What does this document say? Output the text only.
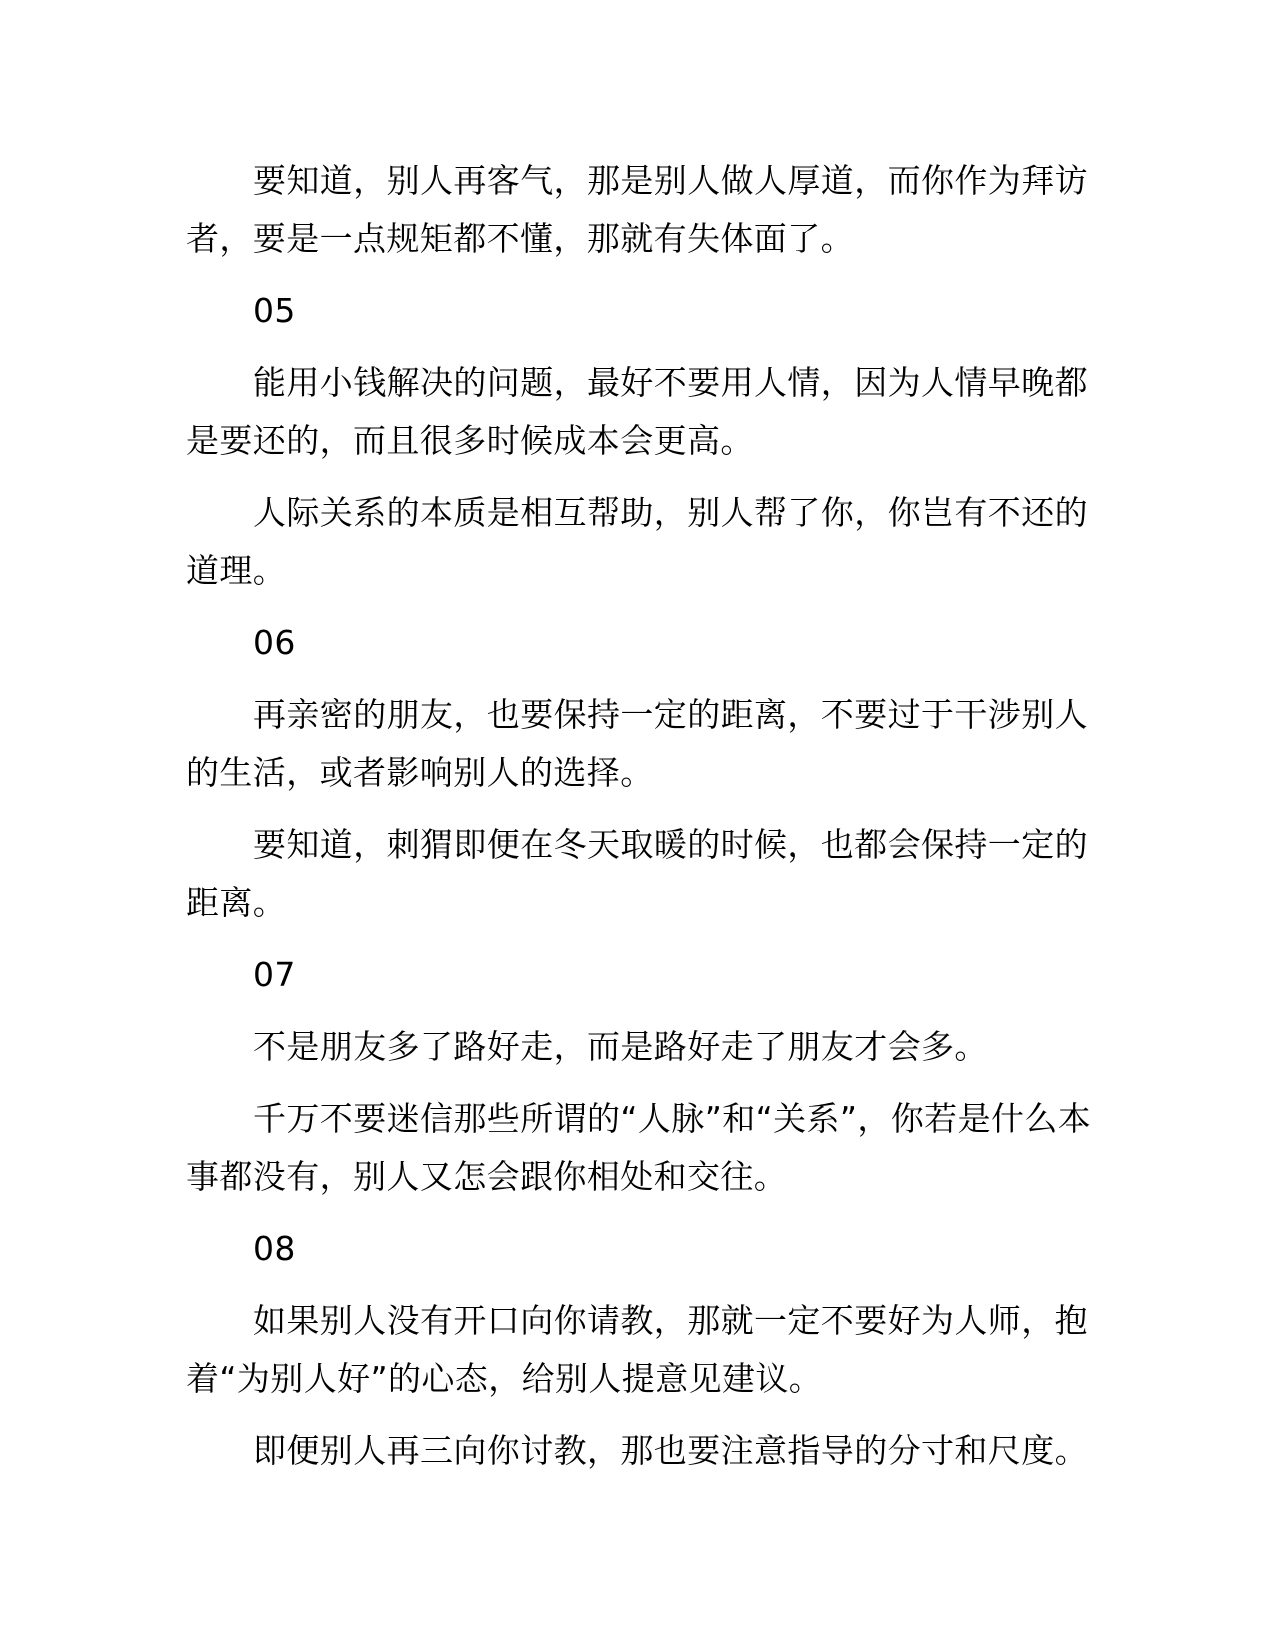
要知道，别人再客气，那是别人做人厚道，而你作为拜访者，要是一点规矩都不懂，那就有失体面了。

05

能用小钱解决的问题，最好不要用人情，因为人情早晚都是要还的，而且很多时候成本会更高。

人际关系的本质是相互帮助，别人帮了你，你岂有不还的道理。

06

再亲密的朋友，也要保持一定的距离，不要过于干涉别人的生活，或者影响别人的选择。

要知道，刺猬即便在冬天取暖的时候，也都会保持一定的距离。

07

不是朋友多了路好走，而是路好走了朋友才会多。

千万不要迷信那些所谓的“人脉”和“关系”，你若是什么本事都没有，别人又怎会跟你相处和交往。

08

如果别人没有开口向你请教，那就一定不要好为人师，抱着“为别人好”的心态，给别人提意见建议。

即便别人再三向你讨教，那也要注意指导的分寸和尺度。
